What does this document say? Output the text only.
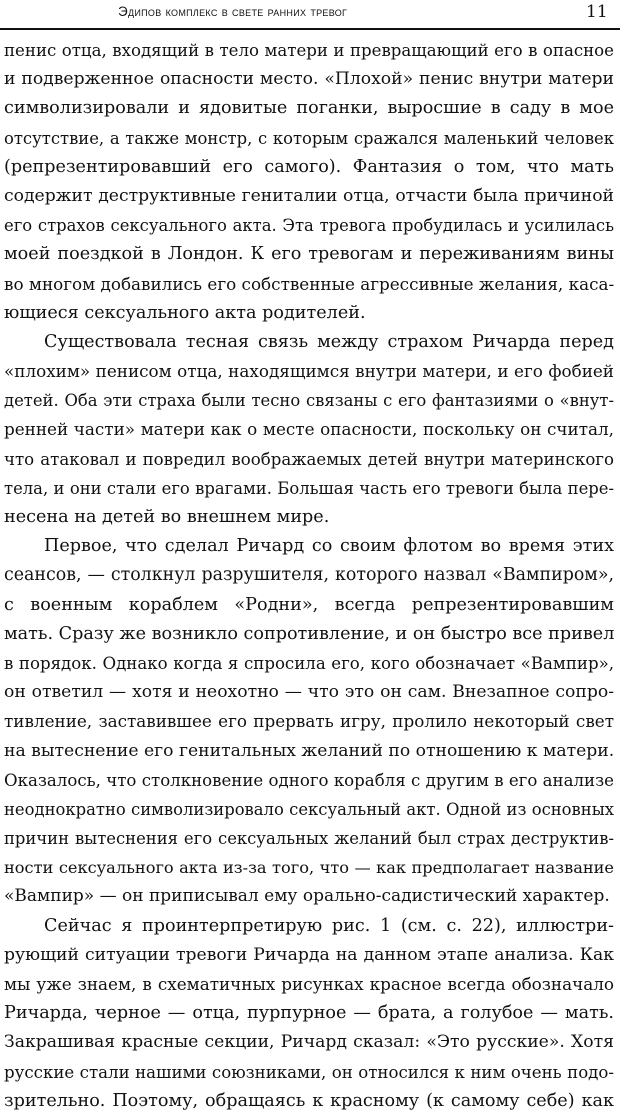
Эдипов комплекс в свете ранних тревог	11
пенис отца, входящий в тело матери и превращающий его в опасное
и подверженное опасности место. «Плохой» пенис внутри матери
символизировали и ядовитые поганки, выросшие в саду в мое
отсутствие, а также монстр, с которым сражался маленький человек
(репрезентировавший его самого). Фантазия о том, что мать
содержит деструктивные гениталии отца, отчасти была причиной
его страхов сексуального акта. Эта тревога пробудилась и усилилась
моей поездкой в Лондон. К его тревогам и переживаниям вины
во многом добавились его собственные агрессивные желания, каса-
ющиеся сексуального акта родителей.
Существовала тесная связь между страхом Ричарда перед
«плохим» пенисом отца, находящимся внутри матери, и его фобией
детей. Оба эти страха были тесно связаны с его фантазиями о «внут-
ренней части» матери как о месте опасности, поскольку он считал,
что атаковал и повредил воображаемых детей внутри материнского
тела, и они стали его врагами. Большая часть его тревоги была пере-
несена на детей во внешнем мире.
Первое, что сделал Ричард со своим флотом во время этих
сеансов, — столкнул разрушителя, которого назвал «Вампиром»,
с военным кораблем «Родни», всегда репрезентировавшим
мать. Сразу же возникло сопротивление, и он быстро все привел
в порядок. Однако когда я спросила его, кого обозначает «Вампир»,
он ответил — хотя и неохотно — что это он сам. Внезапное сопро-
тивление, заставившее его прервать игру, пролило некоторый свет
на вытеснение его генитальных желаний по отношению к матери.
Оказалось, что столкновение одного корабля с другим в его анализе
неоднократно символизировало сексуальный акт. Одной из основных
причин вытеснения его сексуальных желаний был страх деструктив-
ности сексуального акта из-за того, что — как предполагает название
«Вампир» — он приписывал ему орально-садистический характер.
Сейчас я проинтерпретирую рис. 1 (см. с. 22), иллюстри-
рующий ситуации тревоги Ричарда на данном этапе анализа. Как
мы уже знаем, в схематичных рисунках красное всегда обозначало
Ричарда, черное — отца, пурпурное — брата, а голубое — мать.
Закрашивая красные секции, Ричард сказал: «Это русские». Хотя
русские стали нашими союзниками, он относился к ним очень подо-
зрительно. Поэтому, обращаясь к красному (к самому себе) как
